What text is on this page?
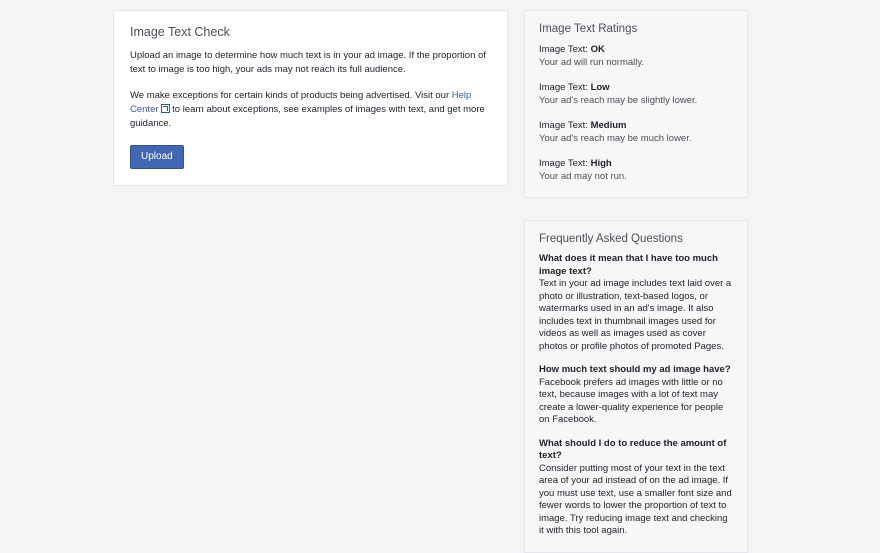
Image Text Check

Upload an image to determine how much text is in your ad image. If the proportion of text to image is too high, your ads may not reach its full audience.

We make exceptions for certain kinds of products being advertised. Visit our Help Center to learn about exceptions, see examples of images with text, and get more guidance.

Upload
Image Text Ratings
Image Text: OK
Your ad will run normally.
Image Text: Low
Your ad's reach may be slightly lower.
Image Text: Medium
Your ad's reach may be much lower.
Image Text: High
Your ad may not run.
Frequently Asked Questions
What does it mean that I have too much image text?
Text in your ad image includes text laid over a photo or illustration, text-based logos, or watermarks used in an ad's image. It also includes text in thumbnail images used for videos as well as images used as cover photos or profile photos of promoted Pages.
How much text should my ad image have?
Facebook prefers ad images with little or no text, because images with a lot of text may create a lower-quality experience for people on Facebook.
What should I do to reduce the amount of text?
Consider putting most of your text in the text area of your ad instead of on the ad image. If you must use text, use a smaller font size and fewer words to lower the proportion of text to image. Try reducing image text and checking it with this tool again.
